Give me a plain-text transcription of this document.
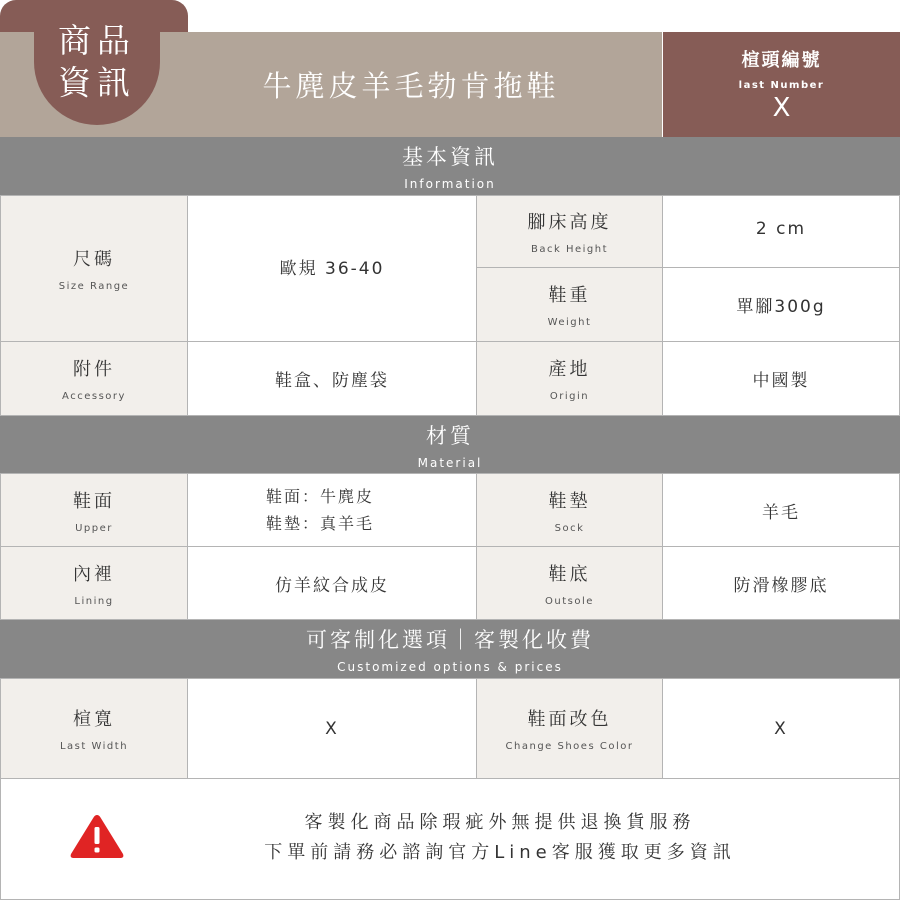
牛麂皮羊毛勃肯拖鞋
楦頭編號
last Number
X
商品
資訊
基本資訊
Information
尺碼
Size Range
歐規 36-40
腳床高度
Back Height
2 cm
鞋重
Weight
單腳300g
附件
Accessory
鞋盒、防塵袋
產地
Origin
中國製
材質
Material
鞋面
Upper
鞋面：牛麂皮
鞋墊：真羊毛
鞋墊
Sock
羊毛
內裡
Lining
仿羊紋合成皮
鞋底
Outsole
防滑橡膠底
可客制化選項｜客製化收費
Customized options & prices
楦寬
Last Width
X	鞋面改色
Change Shoes Color
X
客製化商品除瑕疵外無提供退換貨服務
下單前請務必諮詢官方Line客服獲取更多資訊
